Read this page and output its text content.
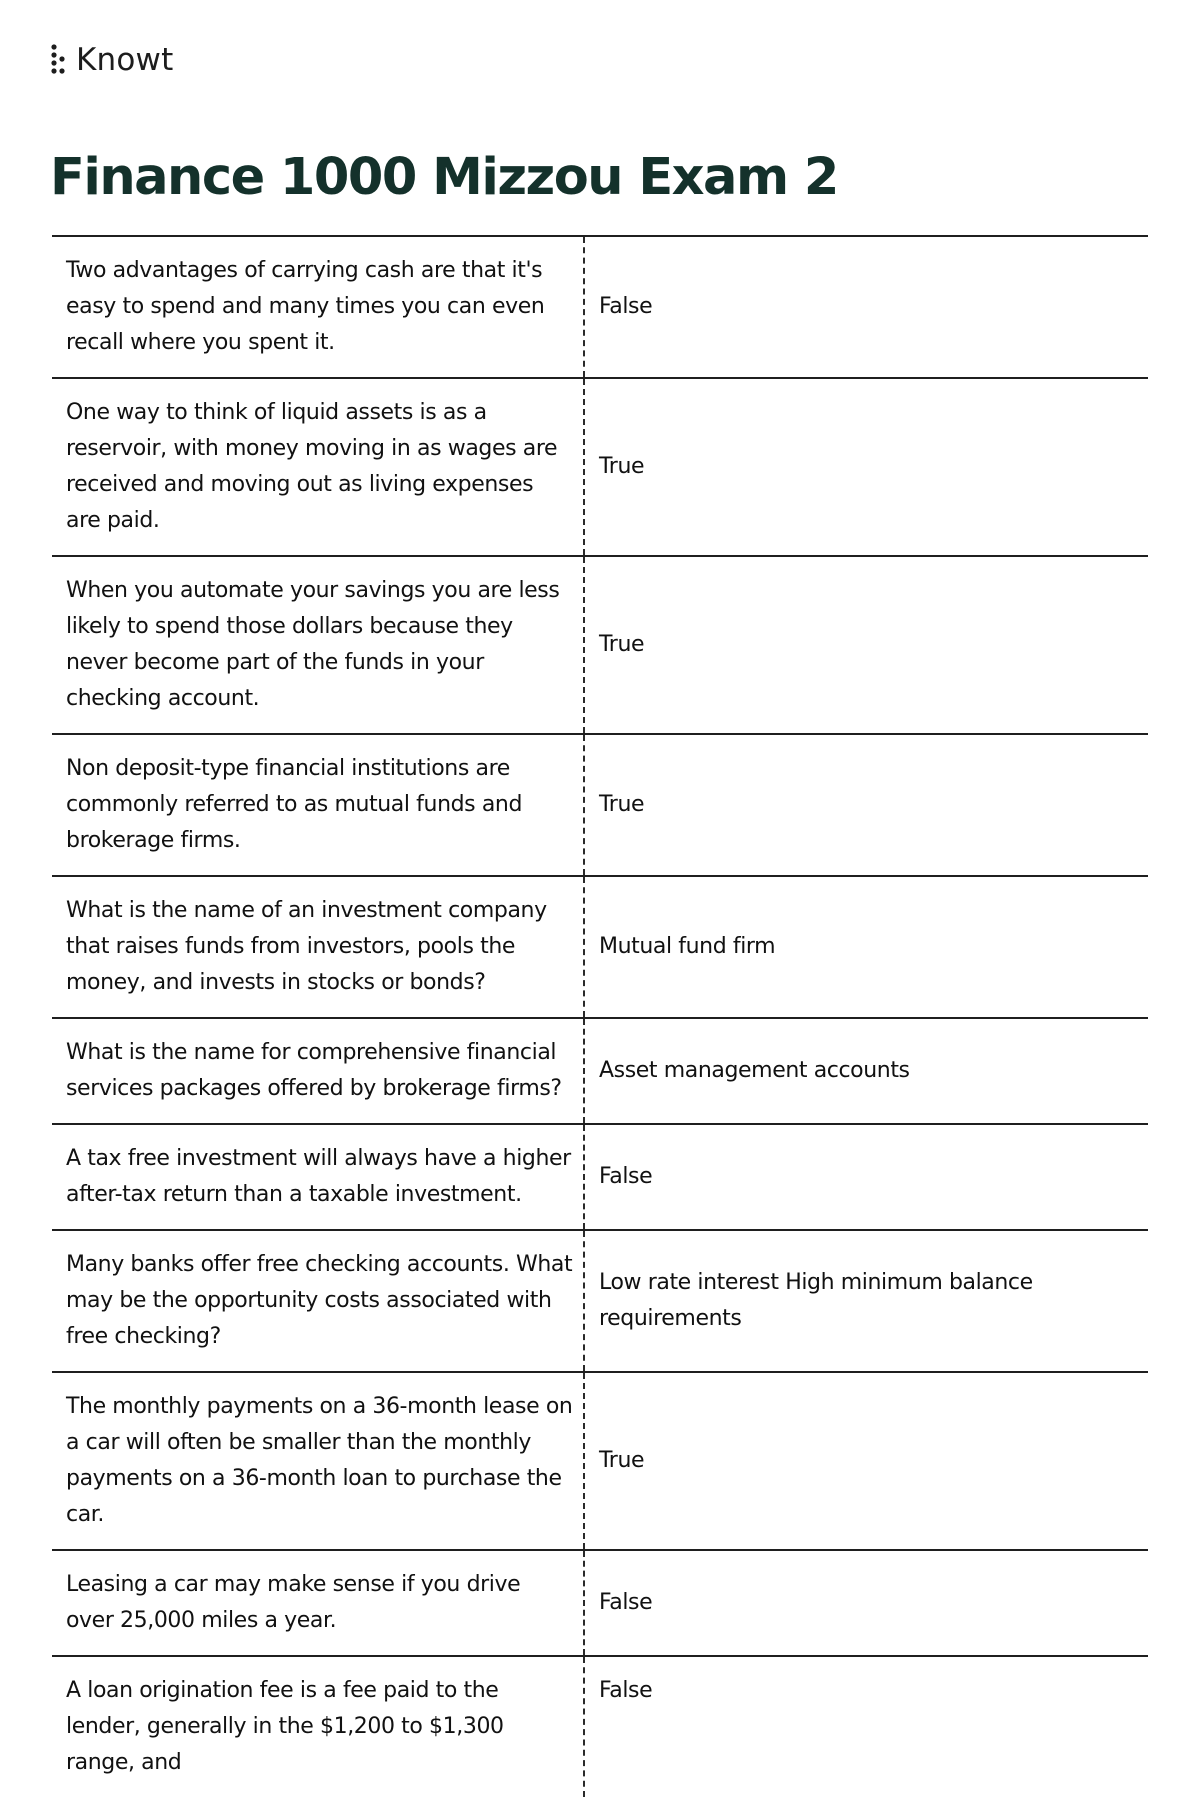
Knowt
Finance 1000 Mizzou Exam 2
Two advantages of carrying cash are that it's easy to spend and many times you can even recall where you spent it.	False
One way to think of liquid assets is as a reservoir, with money moving in as wages are received and moving out as living expenses are paid.	True
When you automate your savings you are less likely to spend those dollars because they never become part of the funds in your checking account.	True
Non deposit-type financial institutions are commonly referred to as mutual funds and brokerage firms.	True
What is the name of an investment company that raises funds from investors, pools the money, and invests in stocks or bonds?	Mutual fund firm
What is the name for comprehensive financial services packages offered by brokerage firms?	Asset management accounts
A tax free investment will always have a higher after-tax return than a taxable investment.	False
Many banks offer free checking accounts. What may be the opportunity costs associated with free checking?	Low rate interest High minimum balance requirements
The monthly payments on a 36-month lease on a car will often be smaller than the monthly payments on a 36-month loan to purchase the car.	True
Leasing a car may make sense if you drive over 25,000 miles a year.	False
A loan origination fee is a fee paid to the lender, generally in the $1,200 to $1,300 range, and	False
